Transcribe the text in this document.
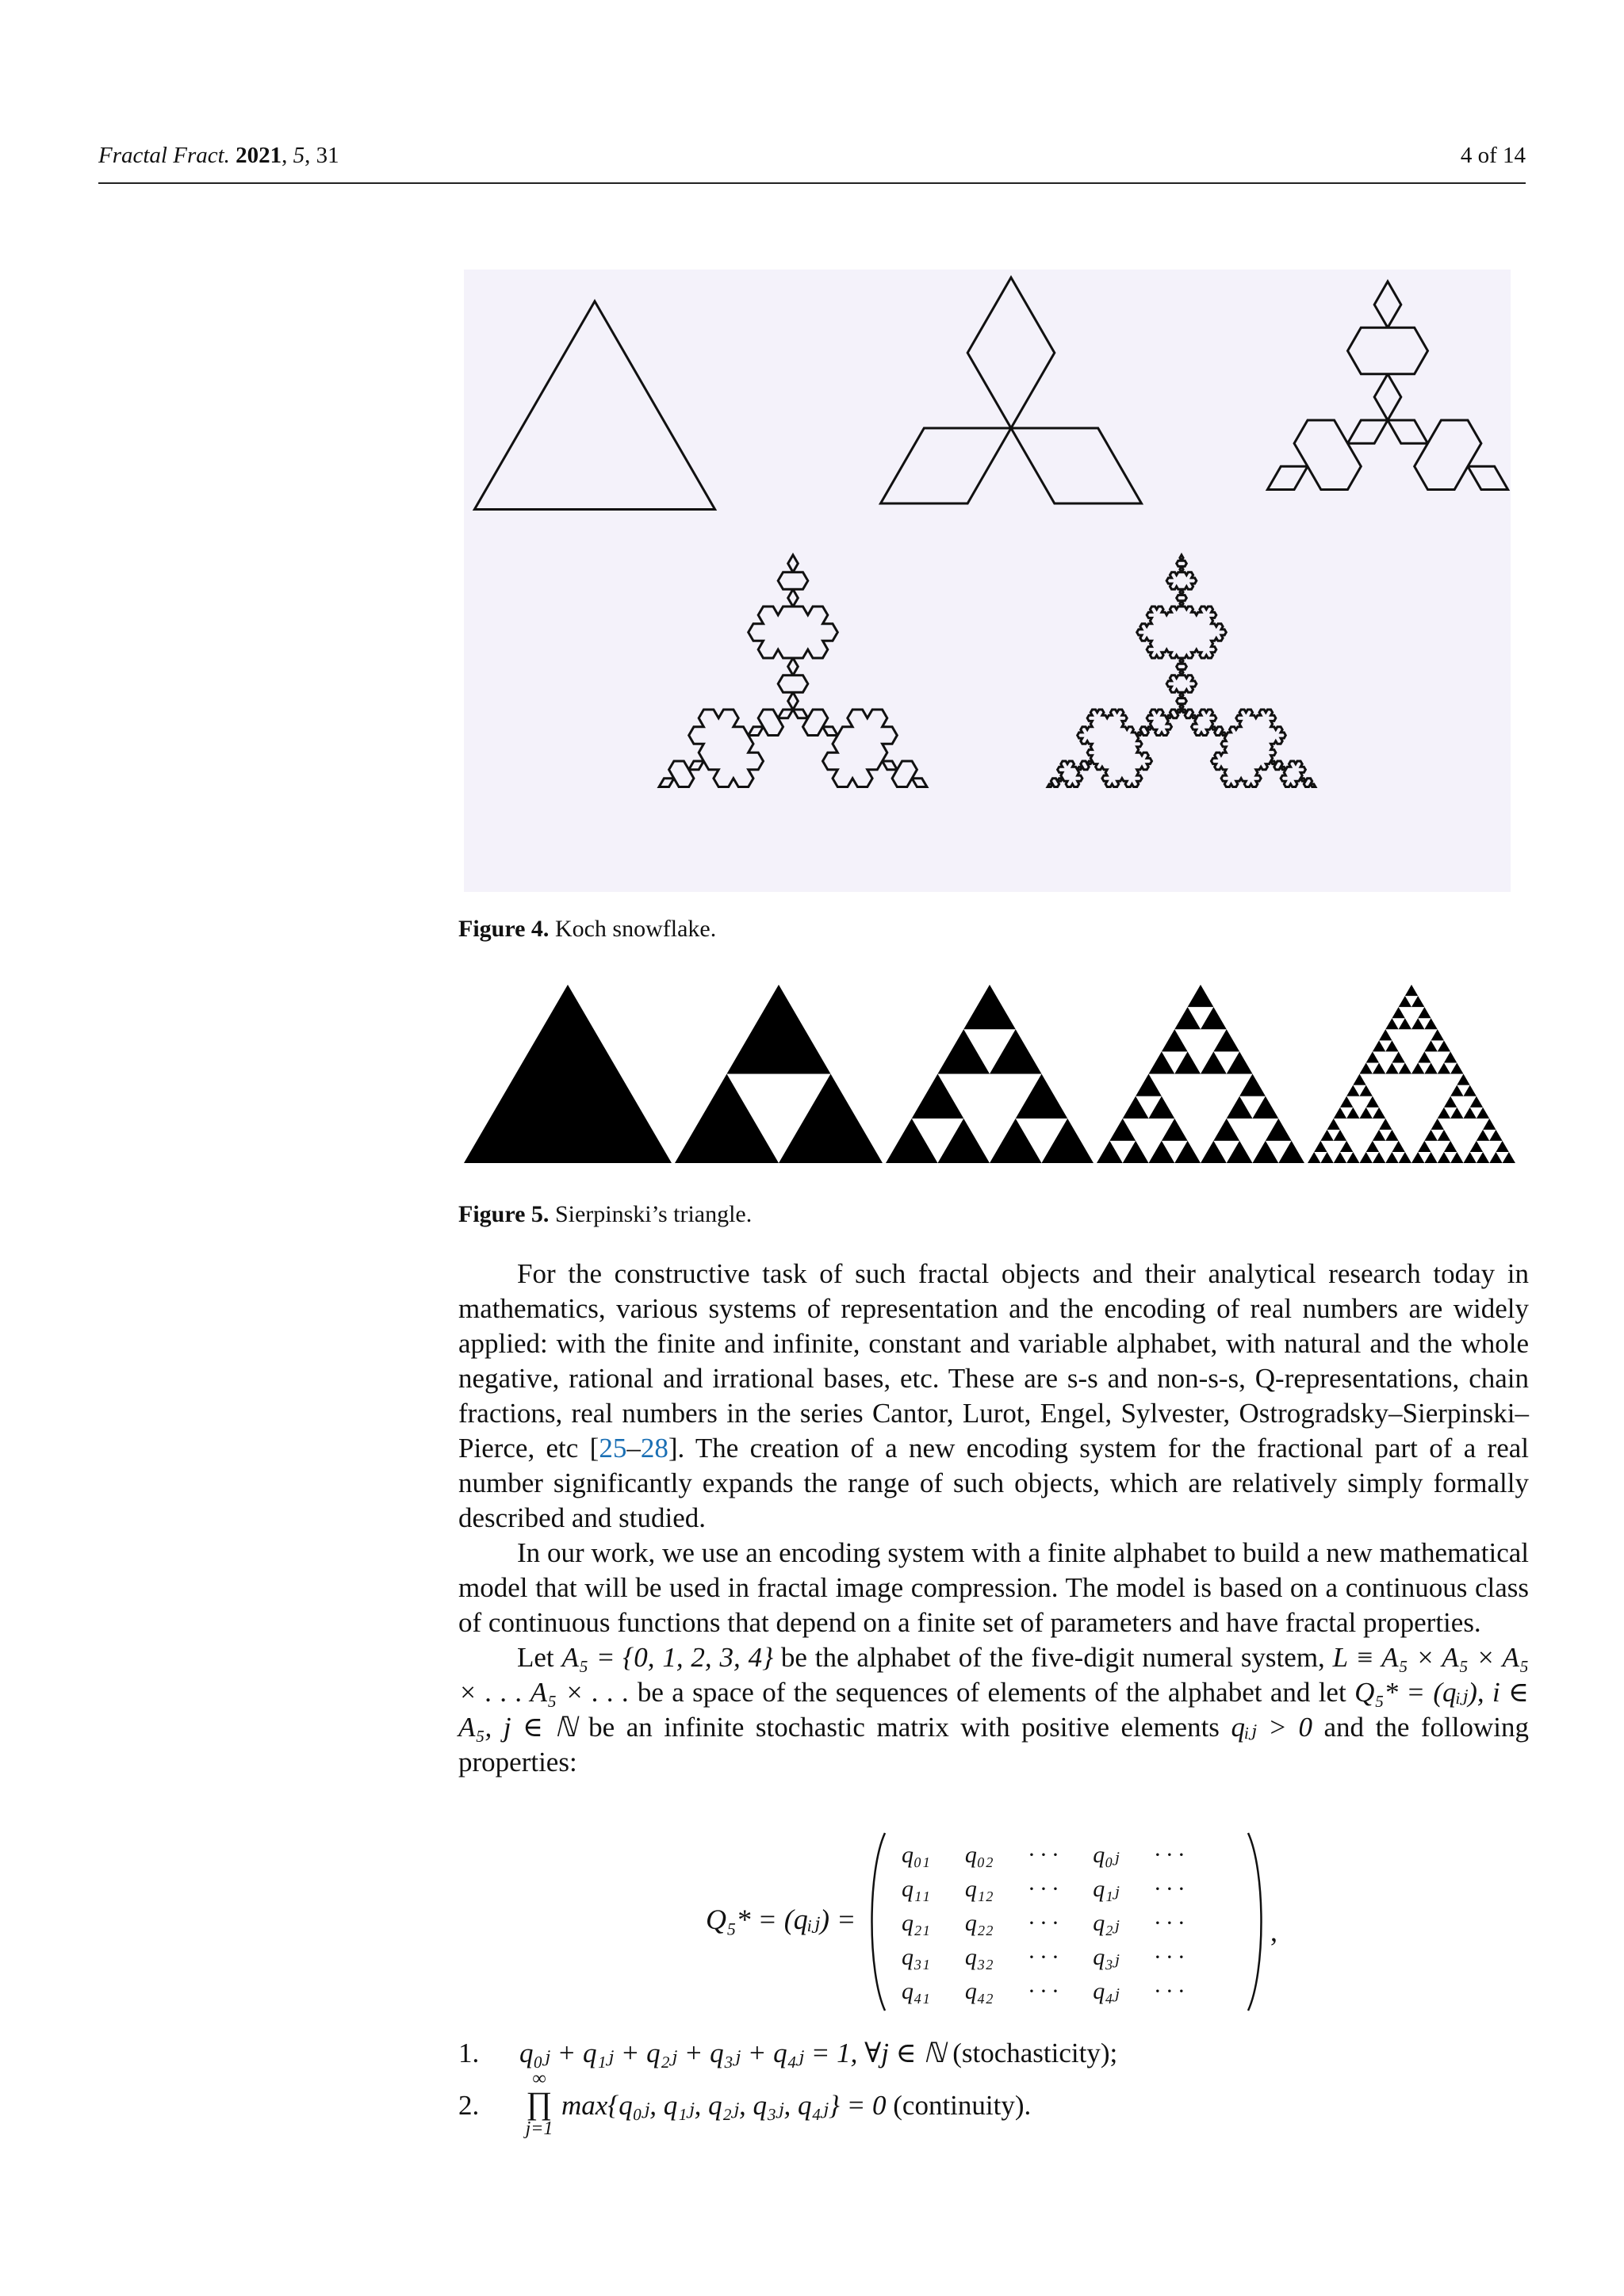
Fractal Fract. 2021, 5, 31	4 of 14
Figure 4. Koch snowflake.
Figure 5. Sierpinski’s triangle.

For the constructive task of such fractal objects and their analytical research today in mathematics, various systems of representation and the encoding of real numbers are widely applied: with the finite and infinite, constant and variable alphabet, with natural and the whole negative, rational and irrational bases, etc. These are s-s and non-s-s, Q-representations, chain fractions, real numbers in the series Cantor, Lurot, Engel, Sylvester, Ostrogradsky–Sierpinski–Pierce, etc [25–28]. The creation of a new encoding system for the fractional part of a real number significantly expands the range of such objects, which are relatively simply formally described and studied.

In our work, we use an encoding system with a finite alphabet to build a new mathematical model that will be used in fractal image compression. The model is based on a continuous class of continuous functions that depend on a finite set of parameters and have fractal properties.

Let A₅ = {0, 1, 2, 3, 4} be the alphabet of the five-digit numeral system, L ≡ A₅ × A₅ × A₅ × . . . A₅ × . . . be a space of the sequences of elements of the alphabet and let Q₅* = (qᵢⱼ), i ∈ A₅, j ∈ ℕ be an infinite stochastic matrix with positive elements qᵢⱼ > 0 and the following properties:

Q₅* = (qᵢⱼ) =
q₀₁	q₀₂	· · ·	q₀ⱼ	· · ·
q₁₁	q₁₂	· · ·	q₁ⱼ	· · ·
q₂₁	q₂₂	· · ·	q₂ⱼ	· · ·
q₃₁	q₃₂	· · ·	q₃ⱼ	· · ·
q₄₁	q₄₂	· · ·	q₄ⱼ	· · ·
,
1. q₀ⱼ + q₁ⱼ + q₂ⱼ + q₃ⱼ + q₄ⱼ = 1, ∀j ∈ ℕ (stochasticity);
2.	max{q₀ⱼ, q₁ⱼ, q₂ⱼ, q₃ⱼ, q₄ⱼ} = 0 (continuity).
∞
∏
j=1
